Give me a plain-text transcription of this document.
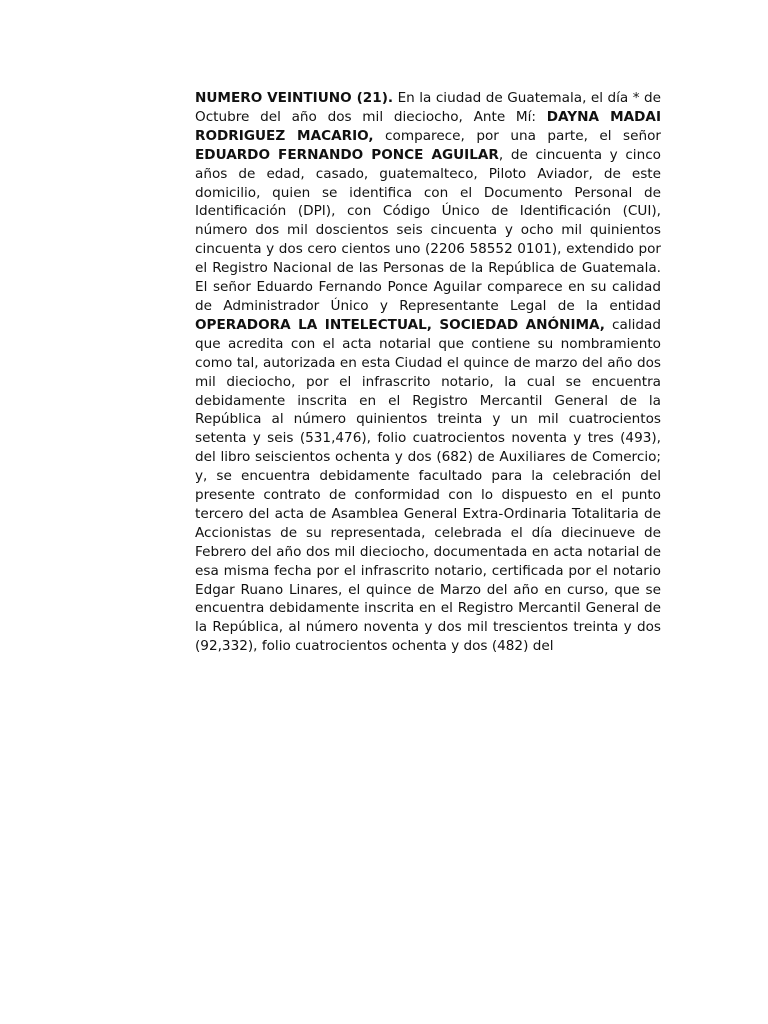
NUMERO VEINTIUNO (21). En la ciudad de Guatemala, el día * de Octubre del año dos mil dieciocho, Ante Mí: DAYNA MADAI RODRIGUEZ MACARIO, comparece, por una parte, el señor EDUARDO FERNANDO PONCE AGUILAR, de cincuenta y cinco años de edad, casado, guatemalteco, Piloto Aviador, de este domicilio, quien se identifica con el Documento Personal de Identificación (DPI), con Código Único de Identificación (CUI), número dos mil doscientos seis cincuenta y ocho mil quinientos cincuenta y dos cero cientos uno (2206 58552 0101), extendido por el Registro Nacional de las Personas de la República de Guatemala. El señor Eduardo Fernando Ponce Aguilar comparece en su calidad de Administrador Único y Representante Legal de la entidad OPERADORA LA INTELECTUAL, SOCIEDAD ANÓNIMA, calidad que acredita con el acta notarial que contiene su nombramiento como tal, autorizada en esta Ciudad el quince de marzo del año dos mil dieciocho, por el infrascrito notario, la cual se encuentra debidamente inscrita en el Registro Mercantil General de la República al número quinientos treinta y un mil cuatrocientos setenta y seis (531,476), folio cuatrocientos noventa y tres (493), del libro seiscientos ochenta y dos (682) de Auxiliares de Comercio; y, se encuentra debidamente facultado para la celebración del presente contrato de conformidad con lo dispuesto en el punto tercero del acta de Asamblea General Extra-Ordinaria Totalitaria de Accionistas de su representada, celebrada el día diecinueve de Febrero del año dos mil dieciocho, documentada en acta notarial de esa misma fecha por el infrascrito notario, certificada por el notario Edgar Ruano Linares, el quince de Marzo del año en curso, que se encuentra debidamente inscrita en el Registro Mercantil General de la República, al número noventa y dos mil trescientos treinta y dos (92,332), folio cuatrocientos ochenta y dos (482) del
